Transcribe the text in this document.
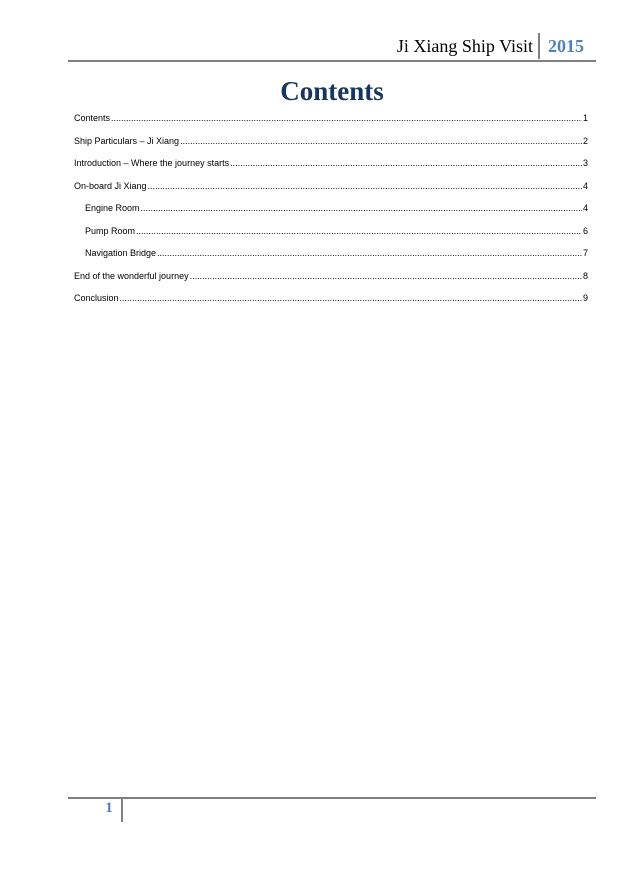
Ji Xiang Ship Visit 2015
Contents
Contents .....	1
Ship Particulars – Ji Xiang .....	2
Introduction – Where the journey starts .....	3
On-board Ji Xiang .....	4
Engine Room .....	4
Pump Room .....	6
Navigation Bridge .....	7
End of the wonderful journey .....	8
Conclusion .....	9
1
